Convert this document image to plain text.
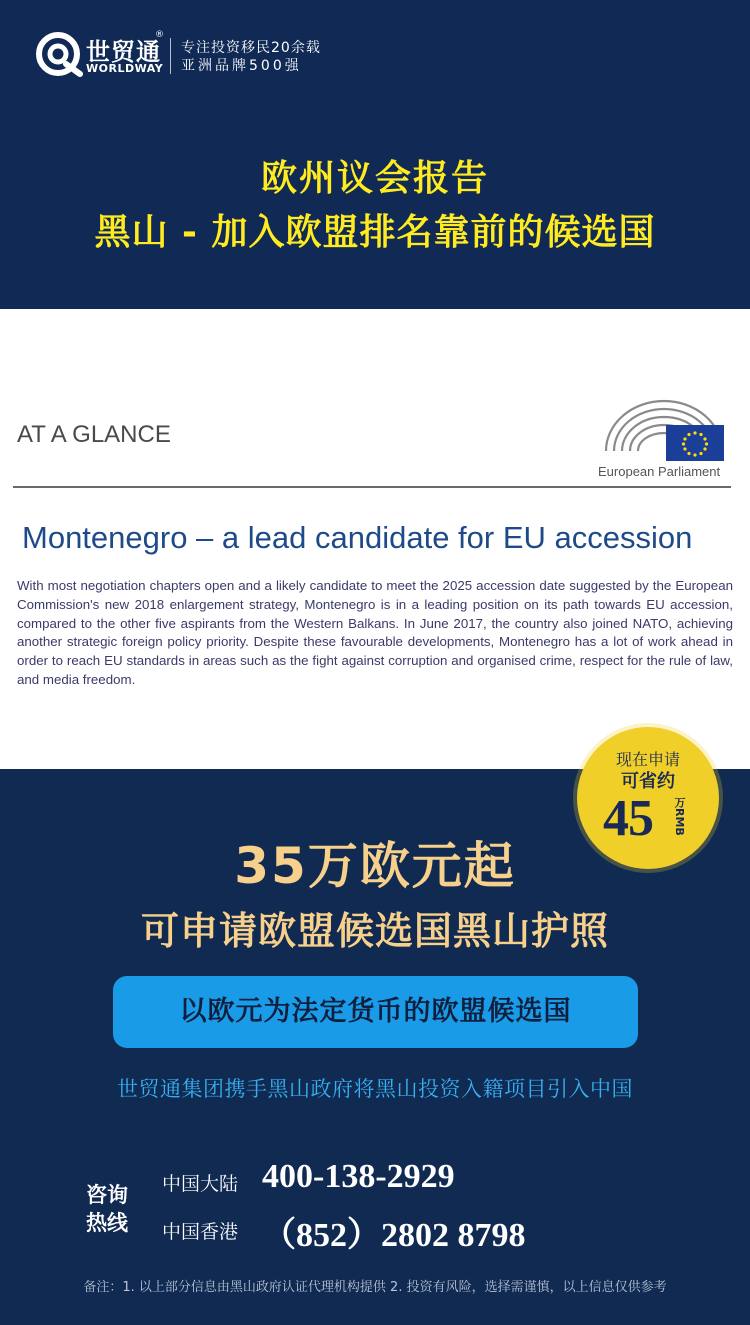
世贸通
®
WORLDWAY
专注投资移民20余载
亚洲品牌500强
欧州议会报告
黑山 - 加入欧盟排名靠前的候选国
AT A GLANCE
European Parliament
Montenegro – a lead candidate for EU accession
With most negotiation chapters open and a likely candidate to meet the 2025 accession date suggested by the European Commission's new 2018 enlargement strategy, Montenegro is in a leading position on its path towards EU accession, compared to the other five aspirants from the Western Balkans. In June 2017, the country also joined NATO, achieving another strategic foreign policy priority. Despite these favourable developments, Montenegro has a lot of work ahead in order to reach EU standards in areas such as the fight against corruption and organised crime, respect for the rule of law, and media freedom.
现在申请
可省约
45 万RMB
35万欧元起
可申请欧盟候选国黑山护照
以欧元为法定货币的欧盟候选国
世贸通集团携手黑山政府将黑山投资入籍项目引入中国
咨询
热线
中国大陆 400-138-2929
中国香港 （852）2802 8798
备注：1. 以上部分信息由黑山政府认证代理机构提供 2. 投资有风险，选择需谨慎，以上信息仅供参考
